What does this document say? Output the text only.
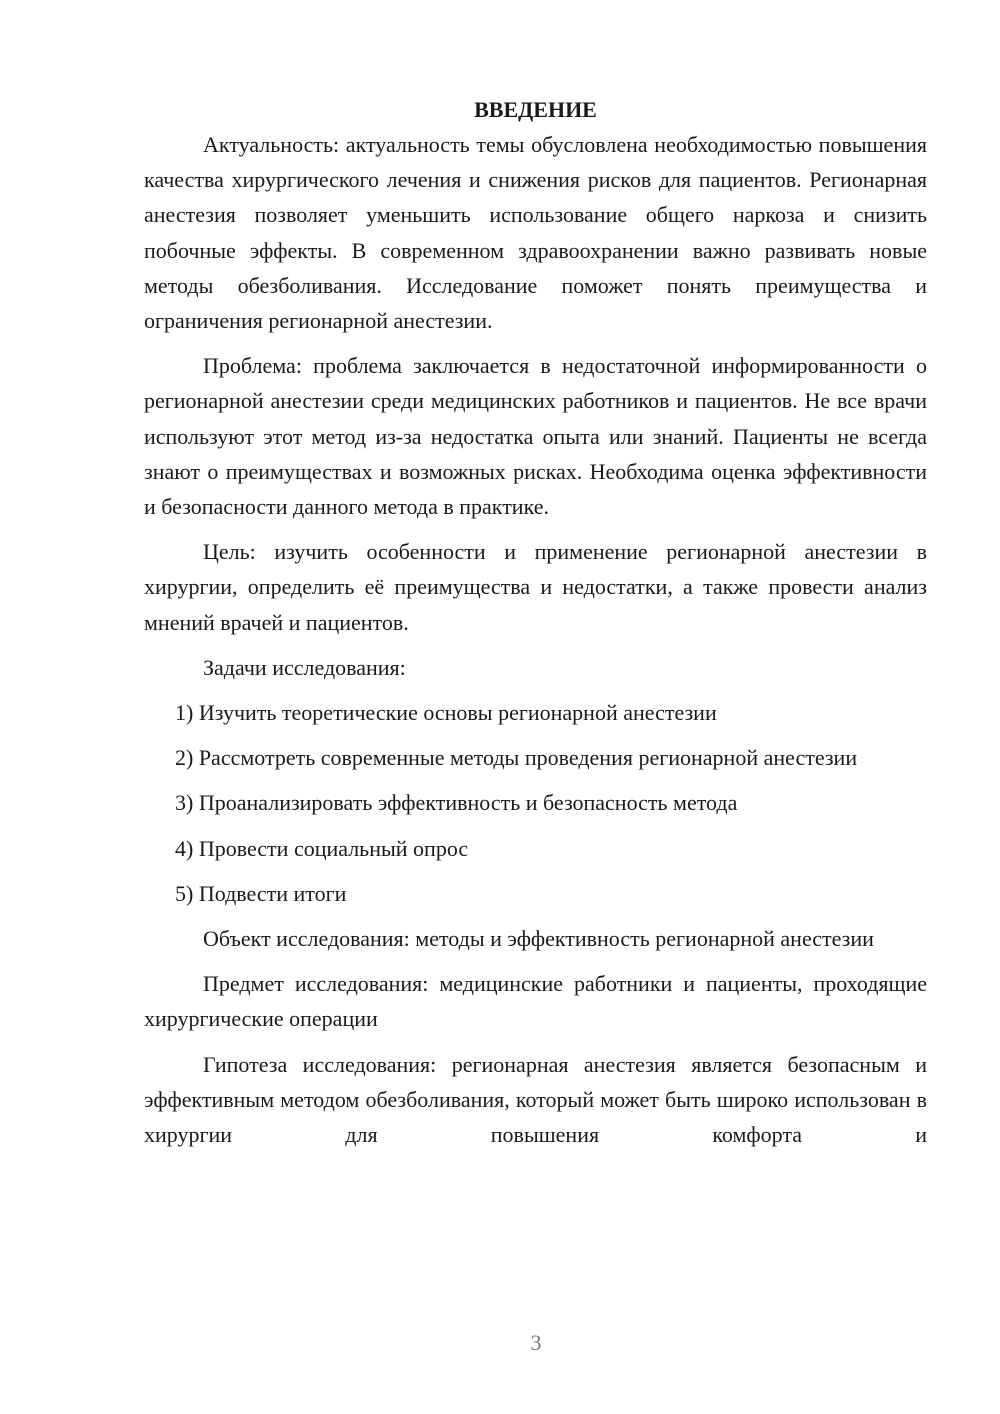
ВВЕДЕНИЕ

Актуальность: актуальность темы обусловлена необходимостью повышения качества хирургического лечения и снижения рисков для пациентов. Регионарная анестезия позволяет уменьшить использование общего наркоза и снизить побочные эффекты. В современном здравоохранении важно развивать новые методы обезболивания. Исследование поможет понять преимущества и ограничения регионарной анестезии.

Проблема: проблема заключается в недостаточной информированности о регионарной анестезии среди медицинских работников и пациентов. Не все врачи используют этот метод из-за недостатка опыта или знаний. Пациенты не всегда знают о преимуществах и возможных рисках. Необходима оценка эффективности и безопасности данного метода в практике.

Цель: изучить особенности и применение регионарной анестезии в хирургии, определить её преимущества и недостатки, а также провести анализ мнений врачей и пациентов.

Задачи исследования:

1) Изучить теоретические основы регионарной анестезии

2) Рассмотреть современные методы проведения регионарной анестезии

3) Проанализировать эффективность и безопасность метода

4) Провести социальный опрос

5) Подвести итоги

Объект исследования: методы и эффективность регионарной анестезии

Предмет исследования: медицинские работники и пациенты, проходящие хирургические операции

Гипотеза исследования: регионарная анестезия является безопасным и эффективным методом обезболивания, который может быть широко использован в хирургии для повышения комфорта и

3
